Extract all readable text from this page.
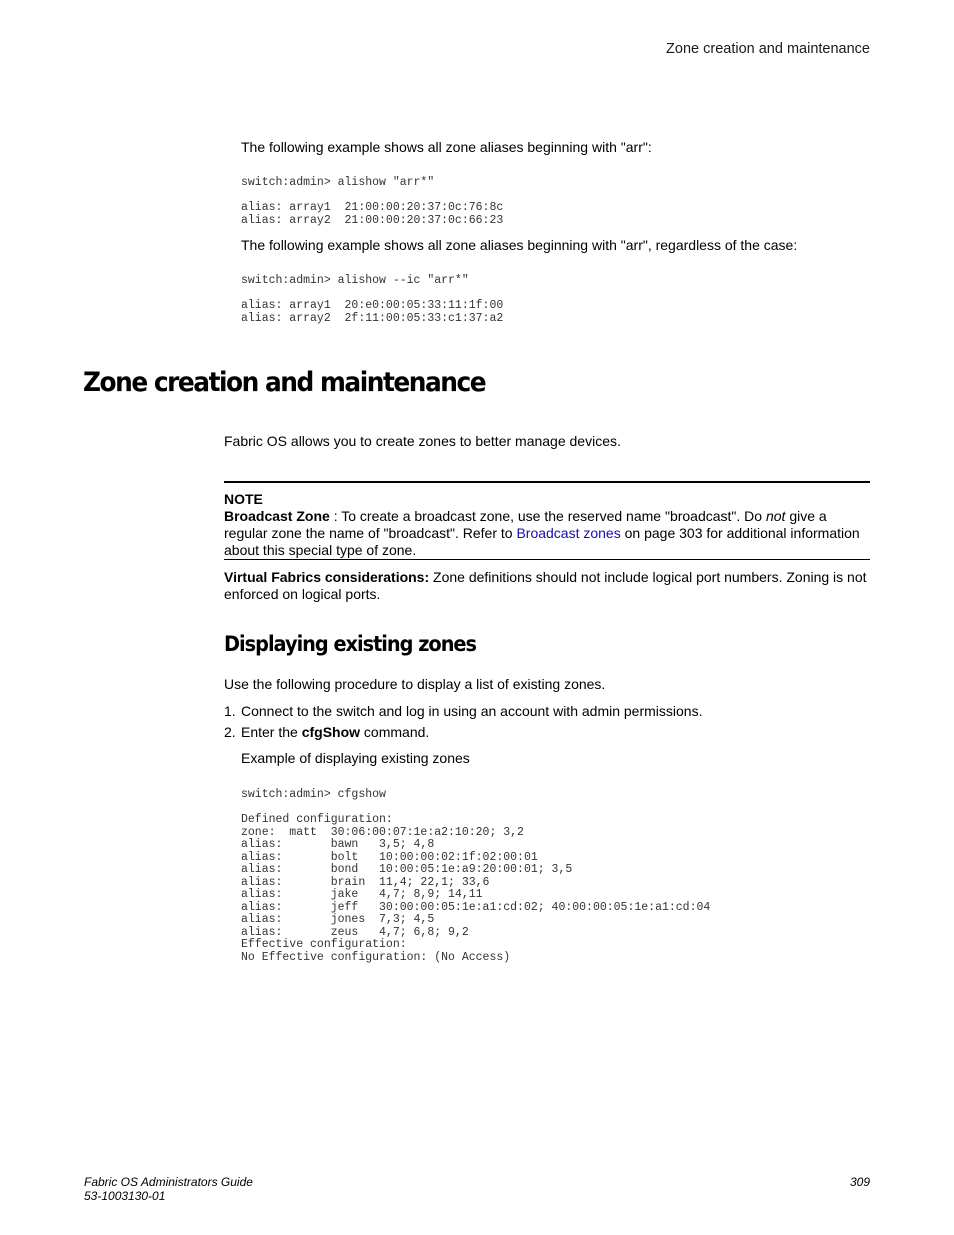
Zone creation and maintenance
The following example shows all zone aliases beginning with "arr":
switch:admin> alishow "arr*"

alias: array1  21:00:00:20:37:0c:76:8c
alias: array2  21:00:00:20:37:0c:66:23
The following example shows all zone aliases beginning with "arr", regardless of the case:
switch:admin> alishow --ic "arr*"

alias: array1  20:e0:00:05:33:11:1f:00
alias: array2  2f:11:00:05:33:c1:37:a2
Zone creation and maintenance
Fabric OS allows you to create zones to better manage devices.
NOTE
Broadcast Zone : To create a broadcast zone, use the reserved name "broadcast". Do not give a regular zone the name of "broadcast". Refer to Broadcast zones on page 303 for additional information about this special type of zone.
Virtual Fabrics considerations: Zone definitions should not include logical port numbers. Zoning is not enforced on logical ports.
Displaying existing zones
Use the following procedure to display a list of existing zones.
1. Connect to the switch and log in using an account with admin permissions.
2. Enter the cfgShow command.
Example of displaying existing zones
switch:admin> cfgshow

Defined configuration:
zone:  matt  30:06:00:07:1e:a2:10:20; 3,2
alias:       bawn   3,5; 4,8
alias:       bolt   10:00:00:02:1f:02:00:01
alias:       bond   10:00:05:1e:a9:20:00:01; 3,5
alias:       brain  11,4; 22,1; 33,6
alias:       jake   4,7; 8,9; 14,11
alias:       jeff   30:00:00:05:1e:a1:cd:02; 40:00:00:05:1e:a1:cd:04
alias:       jones  7,3; 4,5
alias:       zeus   4,7; 6,8; 9,2
Effective configuration:
No Effective configuration: (No Access)
Fabric OS Administrators Guide
53-1003130-01
309
